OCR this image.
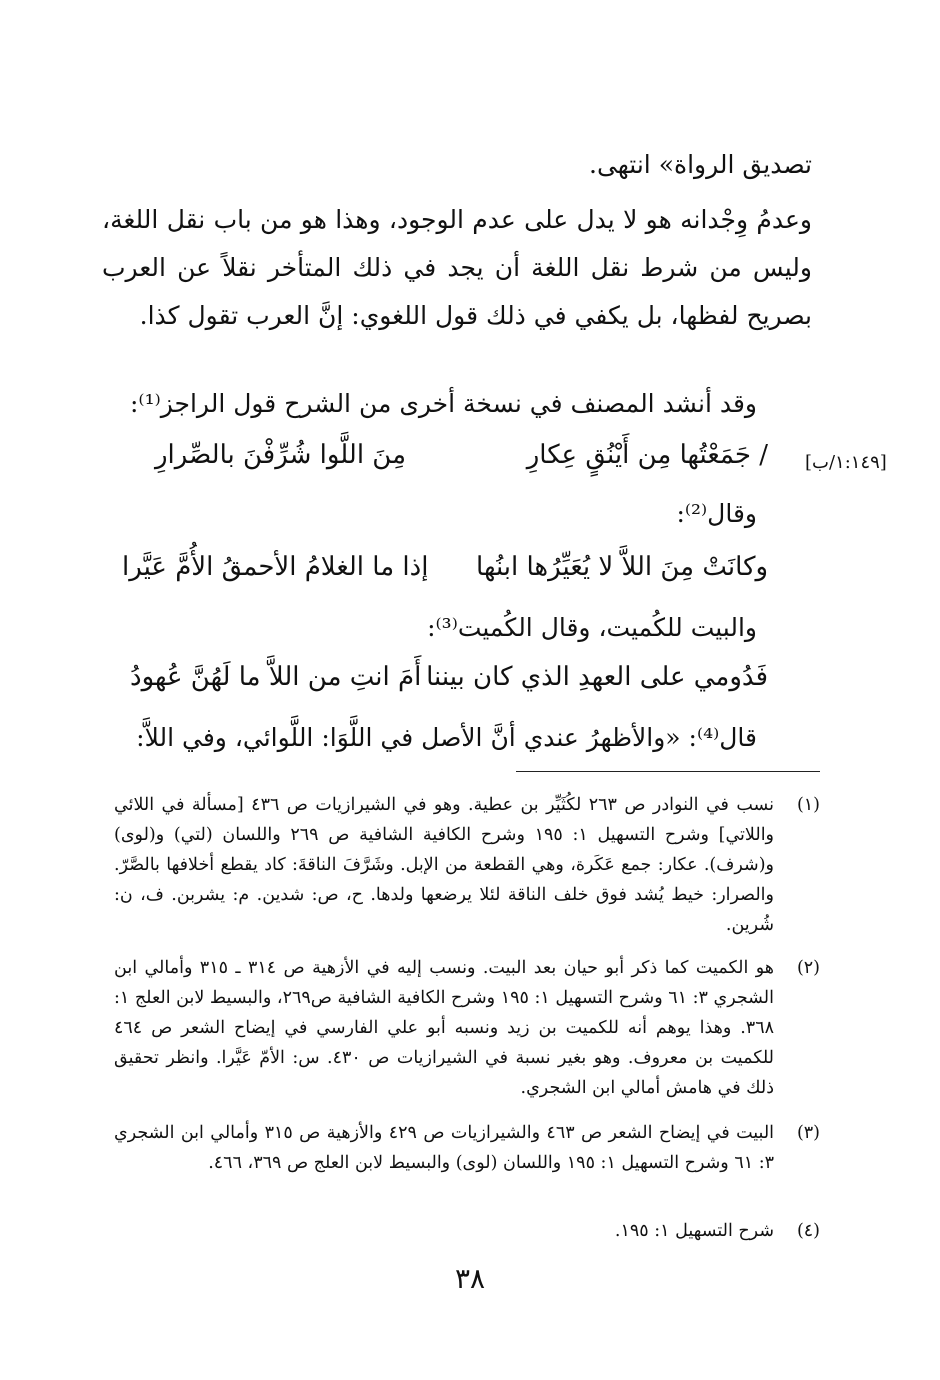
تصديق الرواة» انتهى.
وعدمُ وِجْدانه هو لا يدل على عدم الوجود، وهذا هو من باب نقل اللغة، وليس من شرط نقل اللغة أن يجد في ذلك المتأخر نقلاً عن العرب بصريح لفظها، بل يكفي في ذلك قول اللغوي: إنَّ العرب تقول كذا.
وقد أنشد المصنف في نسخة أخرى من الشرح قول الراجز⁽¹⁾:
/ جَمَعْتُها مِن أَيْنُقٍ عِكارِ
مِنَ اللَّوا شُرِّفْنَ بالصِّرارِ	[١:١٤٩/ب]
وقال⁽²⁾:
وكانَتْ مِنَ اللاَّ لا يُعَيِّرُها ابنُها
إذا ما الغلامُ الأحمقُ الأُمَّ عَيَّرا
والبيت للكُميت، وقال الكُميت⁽³⁾:
فَدُومي على العهدِ الذي كان بيننا
أَمَ انتِ من اللاَّ ما لَهُنَّ عُهودُ
قال⁽⁴⁾: «والأظهرُ عندي أنَّ الأصل في اللَّوَا: اللَّوائي، وفي اللاَّ:
(١)
نسب في النوادر ص ٢٦٣ لكُثَيِّر بن عطية. وهو في الشيرازيات ص ٤٣٦ [مسألة في اللائي واللاتي] وشرح التسهيل ١: ١٩٥ وشرح الكافية الشافية ص ٢٦٩ واللسان (لتي) و(لوى) و(شرف). عكار: جمع عَكَرة، وهي القطعة من الإبل. وشَرَّفَ الناقةَ: كاد يقطع أخلافها بالصَّرّ. والصرار: خيط يُشد فوق خلف الناقة لئلا يرضعها ولدها. ح، ص: شدين. م: يشربن. ف، ن: شُرين.
(٢)
هو الكميت كما ذكر أبو حيان بعد البيت. ونسب إليه في الأزهية ص ٣١٤ ـ ٣١٥ وأمالي ابن الشجري ٣: ٦١ وشرح التسهيل ١: ١٩٥ وشرح الكافية الشافية ص٢٦٩، والبسيط لابن العلج ١: ٣٦٨. وهذا يوهم أنه للكميت بن زيد ونسبه أبو علي الفارسي في إيضاح الشعر ص ٤٦٤ للكميت بن معروف. وهو بغير نسبة في الشيرازيات ص ٤٣٠. س: الأمّ عَيَّرا. وانظر تحقيق ذلك في هامش أمالي ابن الشجري.
(٣)
البيت في إيضاح الشعر ص ٤٦٣ والشيرازيات ص ٤٢٩ والأزهية ص ٣١٥ وأمالي ابن الشجري ٣: ٦١ وشرح التسهيل ١: ١٩٥ واللسان (لوى) والبسيط لابن العلج ص ٣٦٩، ٤٦٦.
(٤)
شرح التسهيل ١: ١٩٥.
٣٨
